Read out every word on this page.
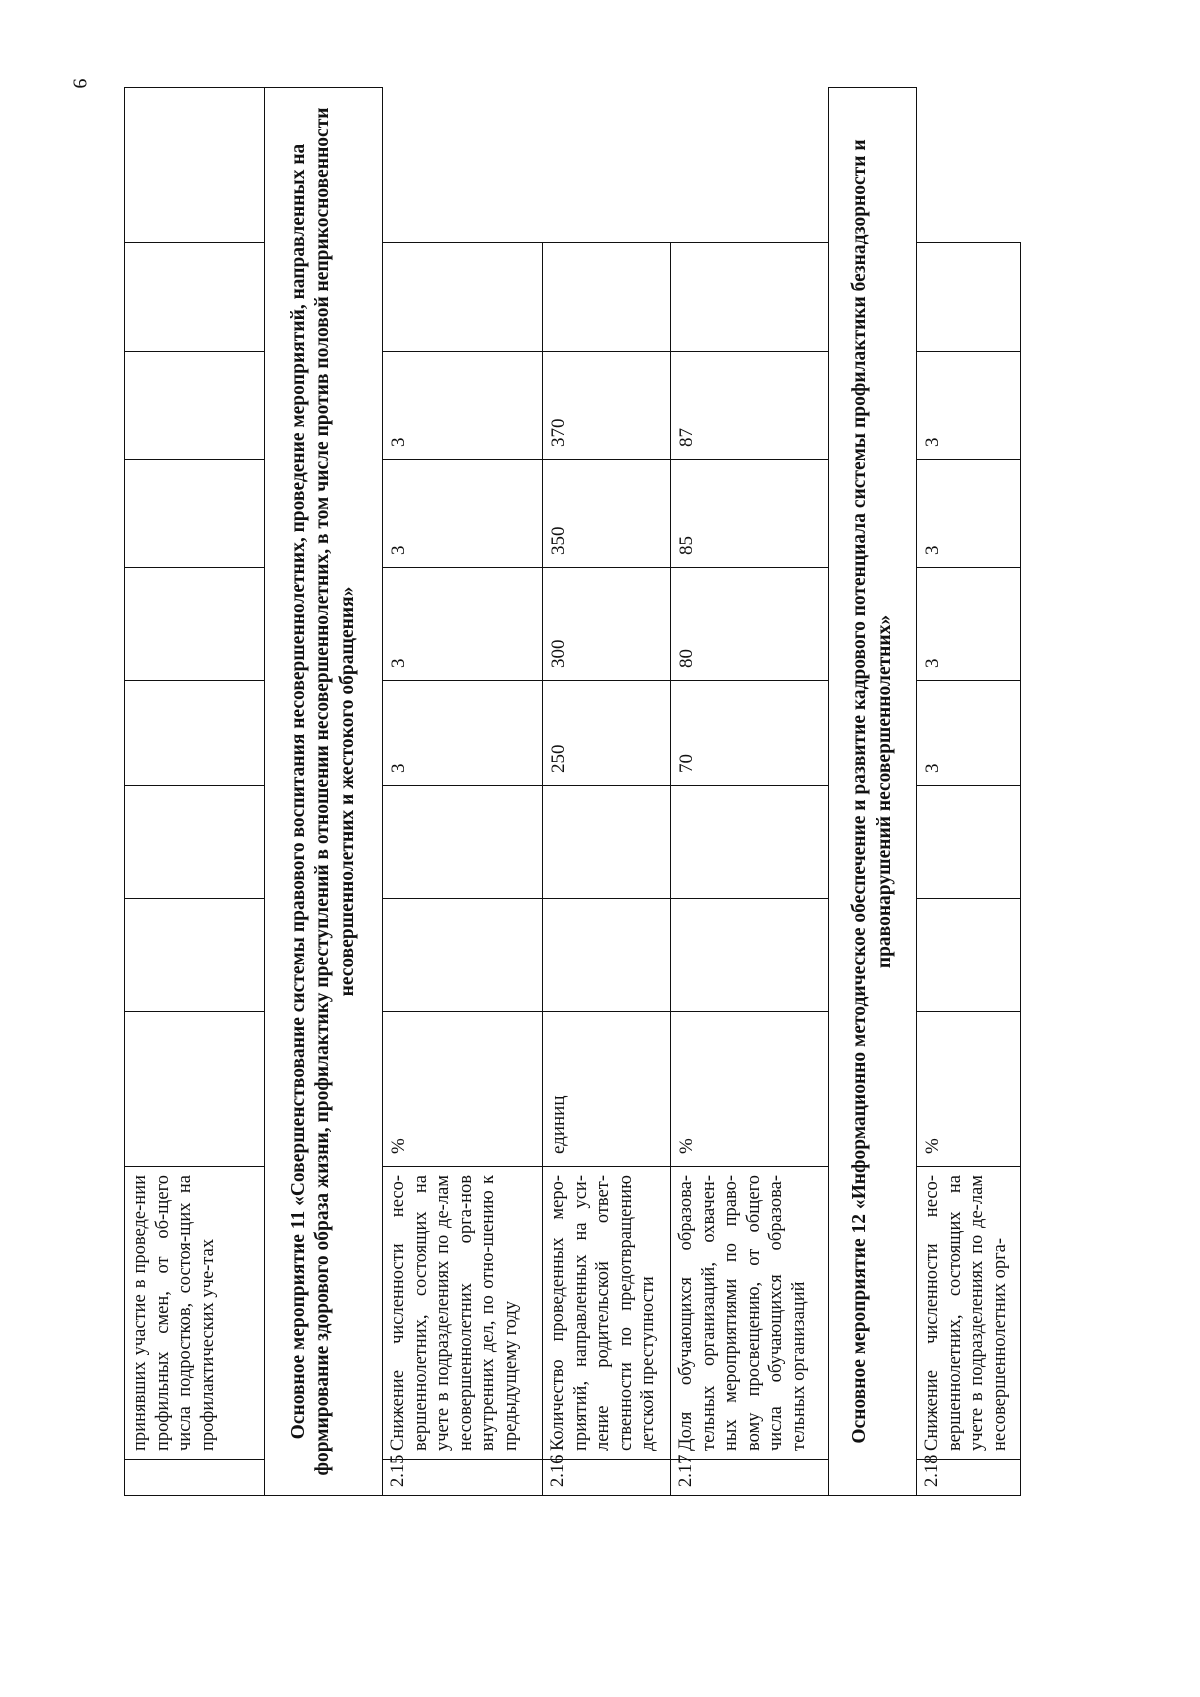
9
	принявших участие в проведе-нии профильных смен, от об-щего числа подростков, состоя-щих на профилактических уче-тах									
Основное мероприятие 11 «Совершенствование системы правового воспитания несовершеннолетних, проведение мероприятий, направленных на формирование здорового образа жизни, профилактику преступлений в отношении несовершеннолетних, в том числе против половой неприкосновенности несовершеннолетних и жестокого обращения»										
2.15	Снижение численности несо-вершеннолетних, состоящих на учете в подразделениях по де-лам несовершеннолетних орга-нов внутренних дел, по отно-шению к предыдущему году	%			3	3	3	3		
2.16	Количество проведенных меро-приятий, направленных на уси-ление родительской ответ-ственности по предотвращению детской преступности	единиц			250	300	350	370		
2.17	Доля обучающихся образова-тельных организаций, охвачен-ных мероприятиями по право-вому просвещению, от общего числа обучающихся образова-тельных организаций	%			70	80	85	87		
Основное мероприятие 12 «Информационно методическое обеспечение и развитие кадрового потенциала системы профилактики безнадзорности и правонарушений несовершеннолетних»										
2.18	Снижение численности несо-вершеннолетних, состоящих на учете в подразделениях по де-лам несовершеннолетних орга-	%			3	3	3	3		
